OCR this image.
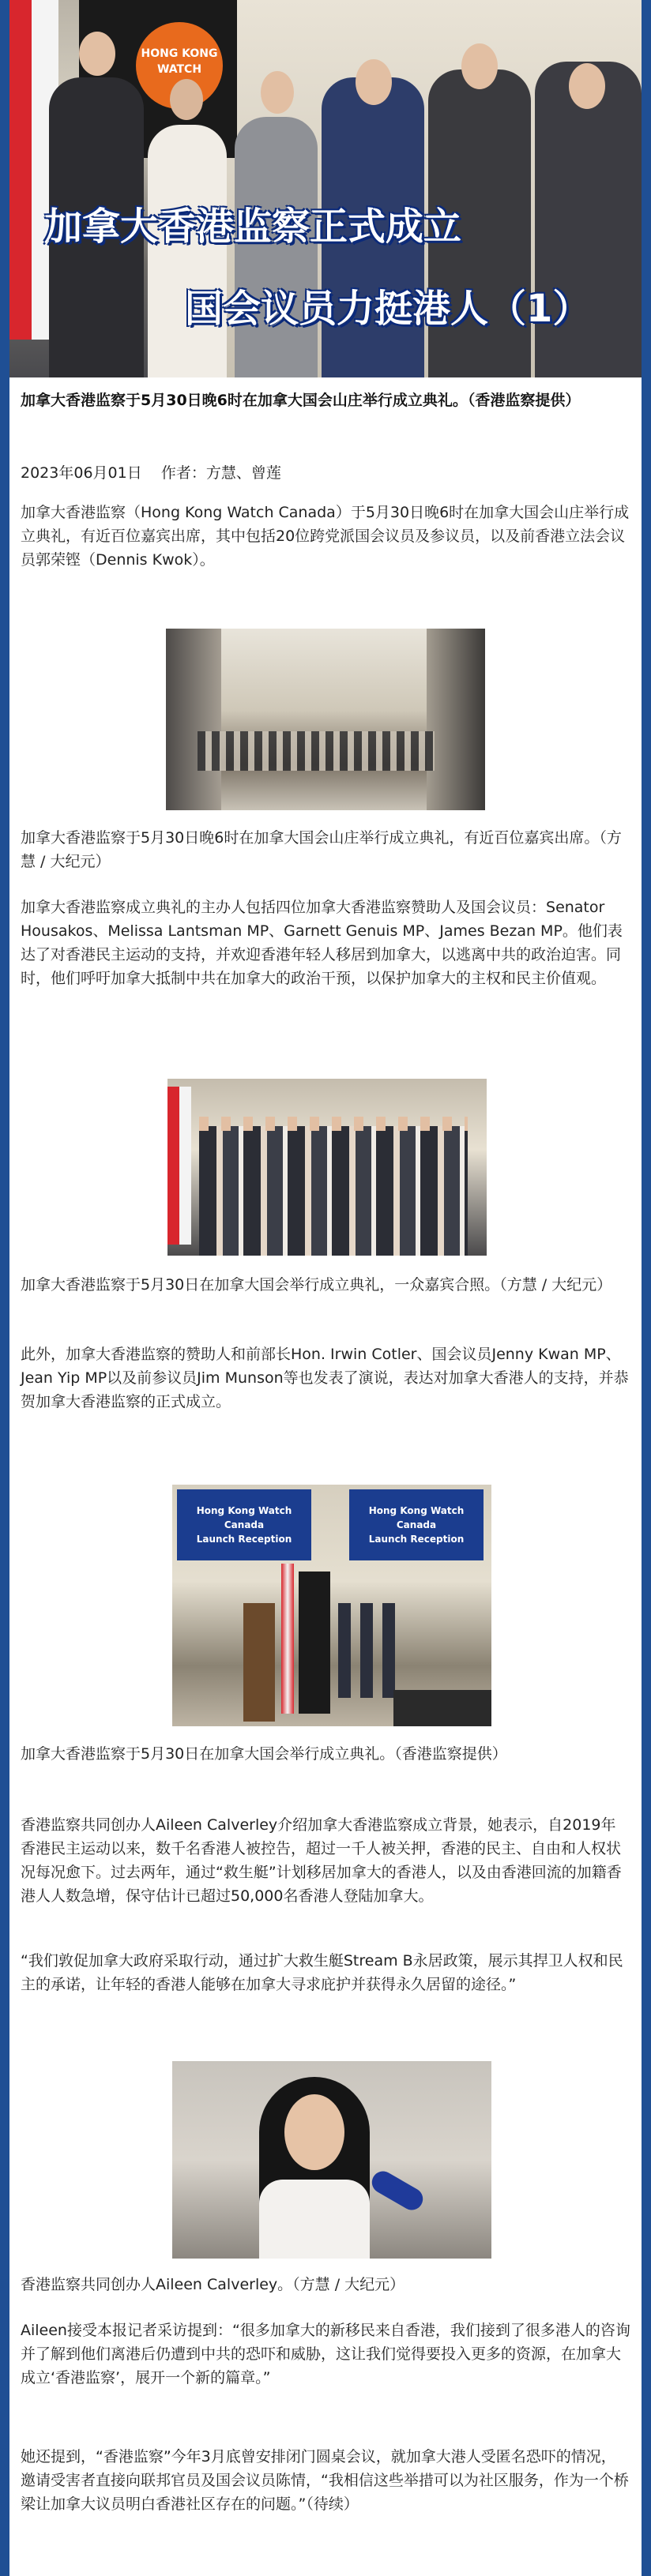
HONG KONG WATCH
加拿大香港监察正式成立
国会议员力挺港人（1）

加拿大香港监察于5月30日晚6时在加拿大国会山庄举行成立典礼。（香港监察提供）

2023年06月01日 作者：方慧、曾莲

加拿大香港监察（Hong Kong Watch Canada）于5月30日晚6时在加拿大国会山庄举行成立典礼，有近百位嘉宾出席，其中包括20位跨党派国会议员及参议员，以及前香港立法会议员郭荣铿（Dennis Kwok）。

加拿大香港监察于5月30日晚6时在加拿大国会山庄举行成立典礼，有近百位嘉宾出席。（方慧 / 大纪元）

加拿大香港监察成立典礼的主办人包括四位加拿大香港监察赞助人及国会议员：Senator Housakos、Melissa Lantsman MP、Garnett Genuis MP、James Bezan MP。他们表达了对香港民主运动的支持，并欢迎香港年轻人移居到加拿大，以逃离中共的政治迫害。同时，他们呼吁加拿大抵制中共在加拿大的政治干预，以保护加拿大的主权和民主价值观。

加拿大香港监察于5月30日在加拿大国会举行成立典礼，一众嘉宾合照。（方慧 / 大纪元）

此外，加拿大香港监察的赞助人和前部长Hon. Irwin Cotler、国会议员Jenny Kwan MP、Jean Yip MP以及前参议员Jim Munson等也发表了演说，表达对加拿大香港人的支持，并恭贺加拿大香港监察的正式成立。

Hong Kong Watch Canada
Launch Reception
Hong Kong Watch Canada
Launch Reception

加拿大香港监察于5月30日在加拿大国会举行成立典礼。（香港监察提供）

香港监察共同创办人Aileen Calverley介绍加拿大香港监察成立背景，她表示，自2019年香港民主运动以来，数千名香港人被控告，超过一千人被关押，香港的民主、自由和人权状况每况愈下。过去两年，通过“救生艇”计划移居加拿大的香港人，以及由香港回流的加籍香港人人数急增，保守估计已超过50,000名香港人登陆加拿大。

“我们敦促加拿大政府采取行动，通过扩大救生艇Stream B永居政策，展示其捍卫人权和民主的承诺，让年轻的香港人能够在加拿大寻求庇护并获得永久居留的途径。”

香港监察共同创办人Aileen Calverley。（方慧 / 大纪元）

Aileen接受本报记者采访提到：“很多加拿大的新移民来自香港，我们接到了很多港人的咨询并了解到他们离港后仍遭到中共的恐吓和威胁，这让我们觉得要投入更多的资源，在加拿大成立‘香港监察’，展开一个新的篇章。”

她还提到，“香港监察”今年3月底曾安排闭门圆桌会议，就加拿大港人受匿名恐吓的情况，邀请受害者直接向联邦官员及国会议员陈情，“我相信这些举措可以为社区服务，作为一个桥梁让加拿大议员明白香港社区存在的问题。”（待续）
